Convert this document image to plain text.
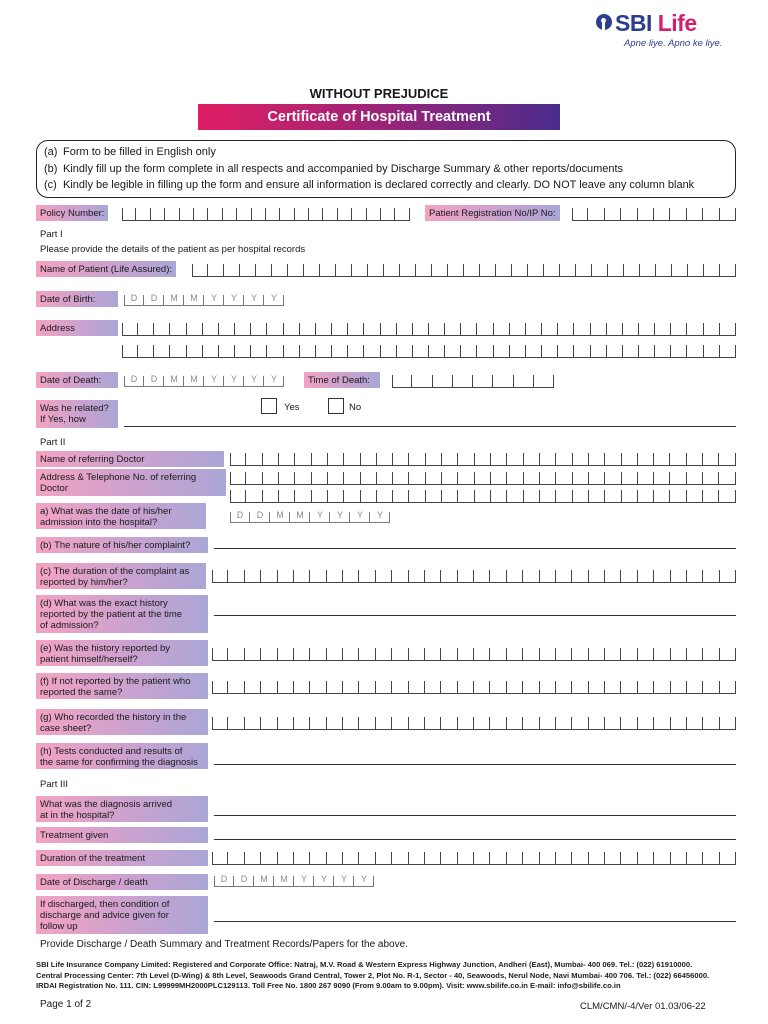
SBI Life
Apne liye. Apno ke liye.
WITHOUT PREJUDICE
Certificate of Hospital Treatment
(a) Form to be filled in English only
(b) Kindly fill up the form complete in all respects and accompanied by Discharge Summary & other reports/documents
(c) Kindly be legible in filling up the form and ensure all information is declared correctly and clearly. DO NOT leave any column blank
Policy Number:	Patient Registration No/IP No:
Part I
Please provide the details of the patient as per hospital records
Name of Patient (Life Assured):
Date of Birth:	D	D	M	M	Y	Y	Y	Y
Address
Date of Death:	D	D	M	M	Y	Y	Y	Y	Time of Death:
Was he related?
If Yes, how
Yes	No
Part II
Name of referring Doctor
Address & Telephone No. of referring Doctor
a) What was the date of his/her
admission into the hospital?
D	D	M	M	Y	Y	Y	Y
(b) The nature of his/her complaint?
(c) The duration of the complaint as
reported by him/her?
(d) What was the exact history
reported by the patient at the time
of admission?
(e) Was the history reported by
patient himself/herself?
(f) If not reported by the patient who
reported the same?
(g) Who recorded the history in the
case sheet?
(h) Tests conducted and results of
the same for confirming the diagnosis
Part III
What was the diagnosis arrived
at in the hospital?
Treatment given
Duration of the treatment
Date of Discharge / death	D	D	M	M	Y	Y	Y	Y
If discharged, then condition of
discharge and advice given for
follow up
Provide Discharge / Death Summary and Treatment Records/Papers for the above.
SBI Life Insurance Company Limited: Registered and Corporate Office: Natraj, M.V. Road & Western Express Highway Junction, Andheri (East), Mumbai- 400 069. Tel.: (022) 61910000.
Central Processing Center: 7th Level (D-Wing) & 8th Level, Seawoods Grand Central, Tower 2, Plot No. R-1, Sector - 40, Seawoods, Nerul Node, Navi Mumbai- 400 706. Tel.: (022) 66456000.
IRDAI Registration No. 111. CIN: L99999MH2000PLC129113. Toll Free No. 1800 267 9090 (From 9.00am to 9.00pm). Visit: www.sbilife.co.in E-mail: info@sbilife.co.in
Page 1 of 2	CLM/CMN/-4/Ver 01.03/06-22
